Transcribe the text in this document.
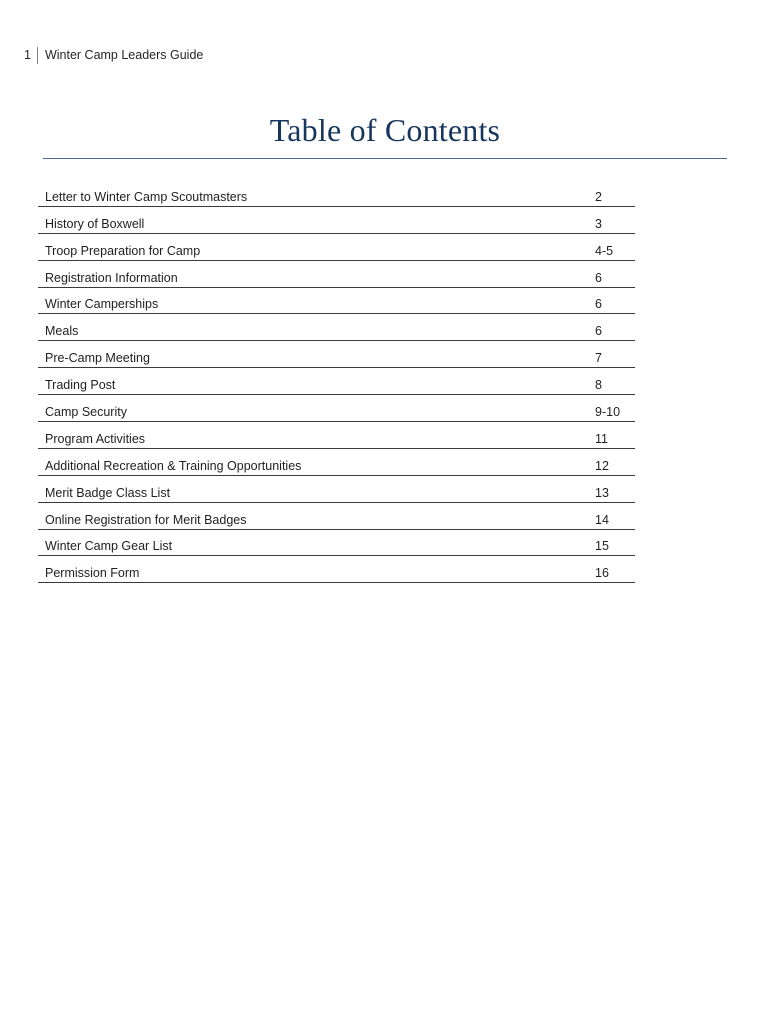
1	Winter Camp Leaders Guide
Table of Contents
Letter to Winter Camp Scoutmasters	2
History of Boxwell	3
Troop Preparation for Camp	4-5
Registration Information	6
Winter Camperships	6
Meals	6
Pre-Camp Meeting	7
Trading Post	8
Camp Security	9-10
Program Activities	11
Additional Recreation & Training Opportunities	12
Merit Badge Class List	13
Online Registration for Merit Badges	14
Winter Camp Gear List	15
Permission Form	16
